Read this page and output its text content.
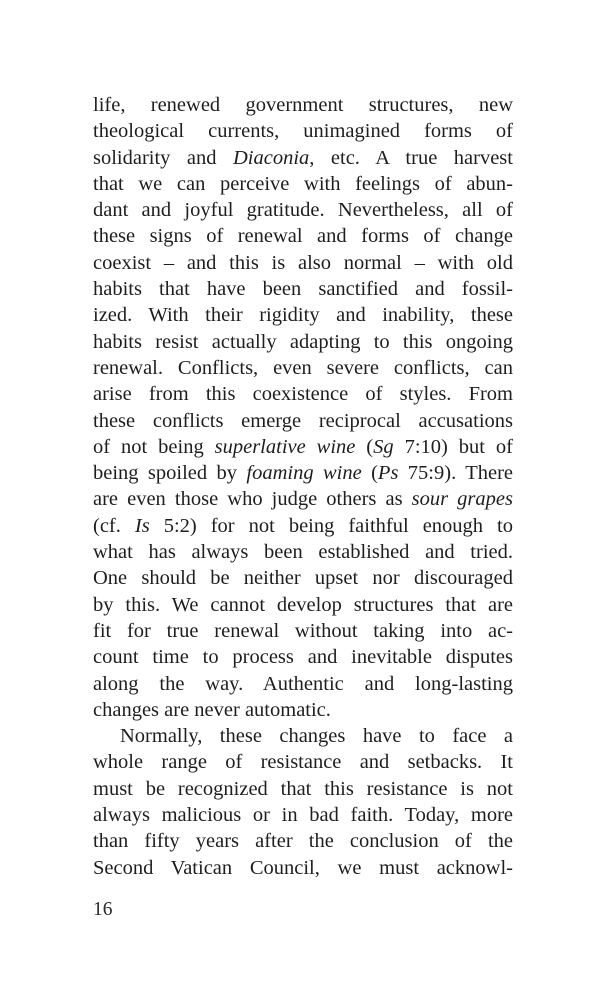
life, renewed government structures, new
theological currents, unimagined forms of
solidarity and Diaconia, etc. A true harvest
that we can perceive with feelings of abun-
dant and joyful gratitude. Nevertheless, all of
these signs of renewal and forms of change
coexist – and this is also normal – with old
habits that have been sanctified and fossil-
ized. With their rigidity and inability, these
habits resist actually adapting to this ongoing
renewal. Conflicts, even severe conflicts, can
arise from this coexistence of styles. From
these conflicts emerge reciprocal accusations
of not being superlative wine (Sg 7:10) but of
being spoiled by foaming wine (Ps 75:9). There
are even those who judge others as sour grapes
(cf. Is 5:2) for not being faithful enough to
what has always been established and tried.
One should be neither upset nor discouraged
by this. We cannot develop structures that are
fit for true renewal without taking into ac-
count time to process and inevitable disputes
along the way. Authentic and long-lasting
changes are never automatic.
Normally, these changes have to face a
whole range of resistance and setbacks. It
must be recognized that this resistance is not
always malicious or in bad faith. Today, more
than fifty years after the conclusion of the
Second Vatican Council, we must acknowl-
16
